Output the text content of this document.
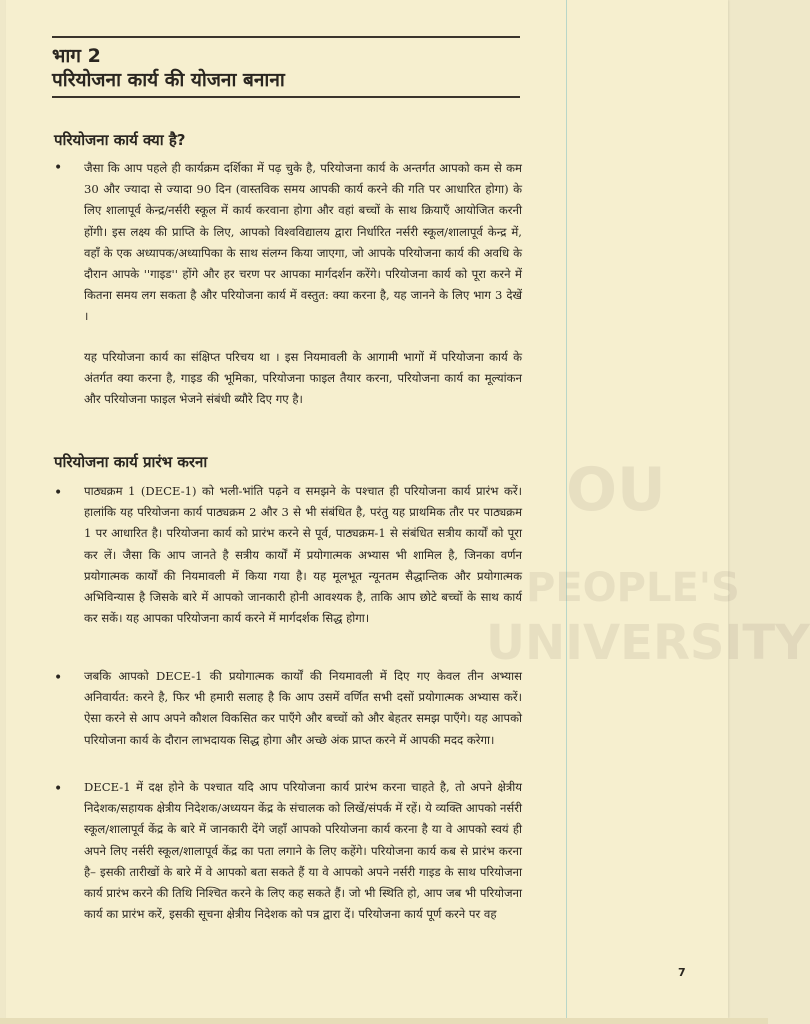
OU
PEOPLE'S
UNIVERSITY
भाग 2
परियोजना कार्य की योजना बनाना
परियोजना कार्य क्या है?
• जैसा कि आप पहले ही कार्यक्रम दर्शिका में पढ़ चुके है, परियोजना कार्य के अन्तर्गत आपको कम से कम 30 और ज्यादा से ज्यादा 90 दिन (वास्तविक समय आपकी कार्य करने की गति पर आधारित होगा) के लिए शालापूर्व केन्द्र/नर्सरी स्कूल में कार्य करवाना होगा और वहां बच्चों के साथ क्रियाएँ आयोजित करनी होंगी। इस लक्ष्य की प्राप्ति के लिए, आपको विश्वविद्यालय द्वारा निर्धारित नर्सरी स्कूल/शालापूर्व केन्द्र में, वहाँ के एक अध्यापक/अध्यापिका के साथ संलग्न किया जाएगा, जो आपके परियोजना कार्य की अवधि के दौरान आपके ''गाइड'' होंगे और हर चरण पर आपका मार्गदर्शन करेंगे। परियोजना कार्य को पूरा करने में कितना समय लग सकता है और परियोजना कार्य में वस्तुत: क्या करना है, यह जानने के लिए भाग 3 देखें ।
यह परियोजना कार्य का संक्षिप्त परिचय था । इस नियमावली के आगामी भागों में परियोजना कार्य के अंतर्गत क्या करना है, गाइड की भूमिका, परियोजना फाइल तैयार करना, परियोजना कार्य का मूल्यांकन और परियोजना फाइल भेजने संबंधी ब्यौरे दिए गए है।
परियोजना कार्य प्रारंभ करना
• पाठ्यक्रम 1 (DECE-1) को भली-भांति पढ़ने व समझने के पश्चात ही परियोजना कार्य प्रारंभ करें। हालांकि यह परियोजना कार्य पाठ्यक्रम 2 और 3 से भी संबंधित है, परंतु यह प्राथमिक तौर पर पाठ्यक्रम 1 पर आधारित है। परियोजना कार्य को प्रारंभ करने से पूर्व, पाठ्यक्रम-1 से संबंधित सत्रीय कार्यों को पूरा कर लें। जैसा कि आप जानते है सत्रीय कार्यों में प्रयोगात्मक अभ्यास भी शामिल है, जिनका वर्णन प्रयोगात्मक कार्यों की नियमावली में किया गया है। यह मूलभूत न्यूनतम सैद्धान्तिक और प्रयोगात्मक अभिविन्यास है जिसके बारे में आपको जानकारी होनी आवश्यक है, ताकि आप छोटे बच्चों के साथ कार्य कर सकें। यह आपका परियोजना कार्य करने में मार्गदर्शक सिद्ध होगा।
• जबकि आपको DECE-1 की प्रयोगात्मक कार्यों की नियमावली में दिए गए केवल तीन अभ्यास अनिवार्यत: करने है, फिर भी हमारी सलाह है कि आप उसमें वर्णित सभी दसों प्रयोगात्मक अभ्यास करें। ऐसा करने से आप अपने कौशल विकसित कर पाएँगे और बच्चों को और बेहतर समझ पाएँगे। यह आपको परियोजना कार्य के दौरान लाभदायक सिद्ध होगा और अच्छे अंक प्राप्त करने में आपकी मदद करेगा।
• DECE-1 में दक्ष होने के पश्चात यदि आप परियोजना कार्य प्रारंभ करना चाहते है, तो अपने क्षेत्रीय निदेशक/सहायक क्षेत्रीय निदेशक/अध्ययन केंद्र के संचालक को लिखें/संपर्क में रहें। ये व्यक्ति आपको नर्सरी स्कूल/शालापूर्व केंद्र के बारे में जानकारी देंगे जहाँ आपको परियोजना कार्य करना है या वे आपको स्वयं ही अपने लिए नर्सरी स्कूल/शालापूर्व केंद्र का पता लगाने के लिए कहेंगे। परियोजना कार्य कब से प्रारंभ करना है– इसकी तारीखों के बारे में वे आपको बता सकते हैं या वे आपको अपने नर्सरी गाइड के साथ परियोजना कार्य प्रारंभ करने की तिथि निश्चित करने के लिए कह सकते हैं। जो भी स्थिति हो, आप जब भी परियोजना कार्य का प्रारंभ करें, इसकी सूचना क्षेत्रीय निदेशक को पत्र द्वारा दें। परियोजना कार्य पूर्ण करने पर वह
7
